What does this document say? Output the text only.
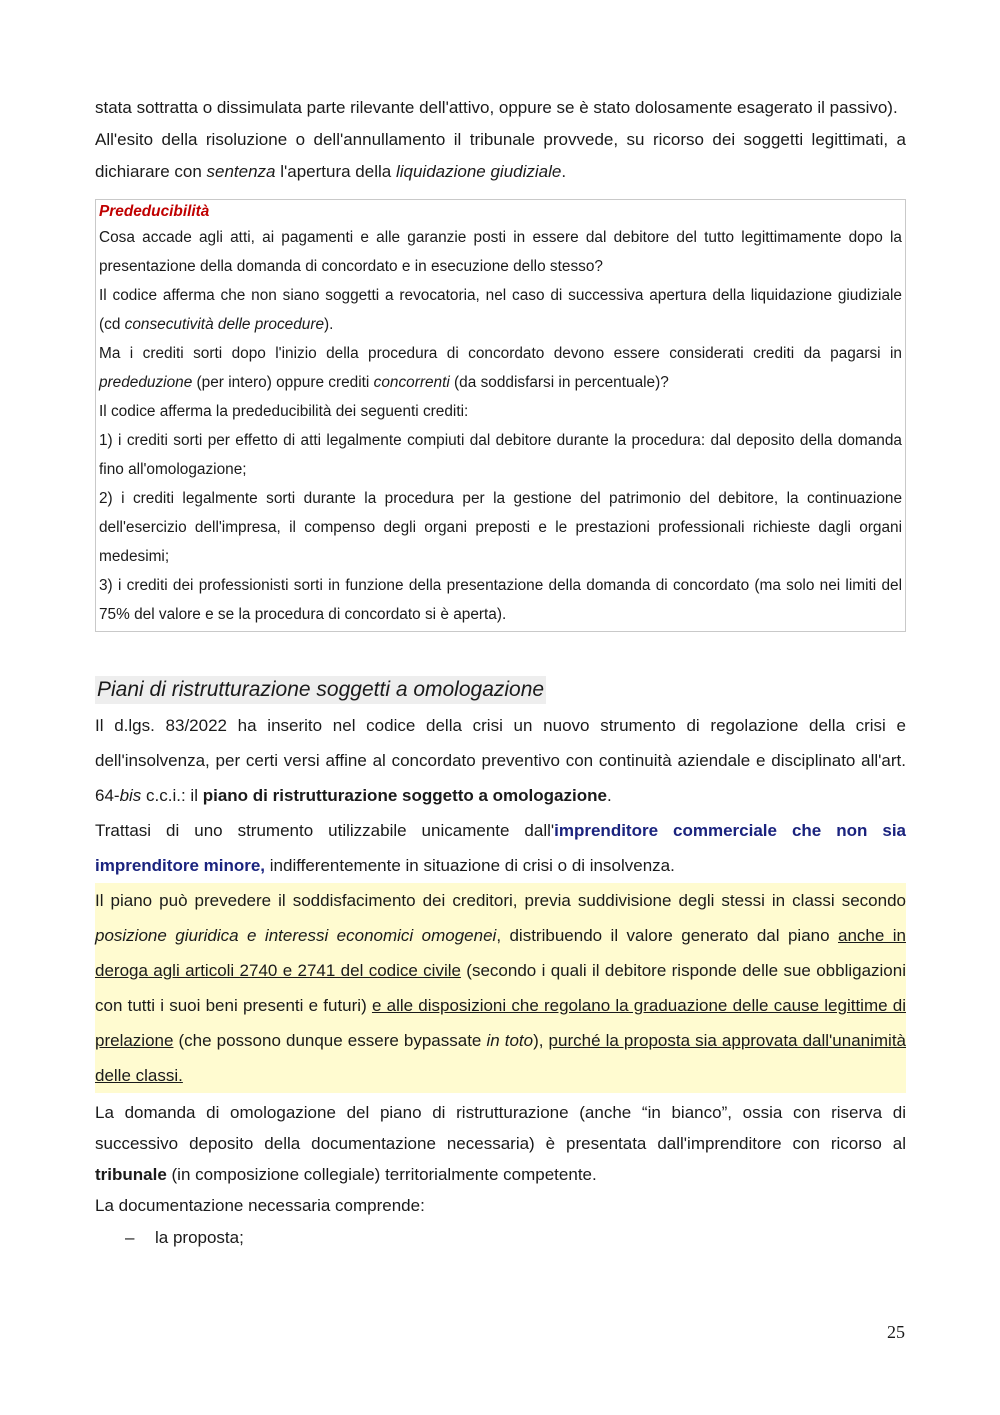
stata sottratta o dissimulata parte rilevante dell'attivo, oppure se è stato dolosamente esagerato il passivo).

All'esito della risoluzione o dell'annullamento il tribunale provvede, su ricorso dei soggetti legittimati, a dichiarare con sentenza l'apertura della liquidazione giudiziale.

Prededucibilità

Cosa accade agli atti, ai pagamenti e alle garanzie posti in essere dal debitore del tutto legittimamente dopo la presentazione della domanda di concordato e in esecuzione dello stesso?

Il codice afferma che non siano soggetti a revocatoria, nel caso di successiva apertura della liquidazione giudiziale (cd consecutività delle procedure).

Ma i crediti sorti dopo l'inizio della procedura di concordato devono essere considerati crediti da pagarsi in prededuzione (per intero) oppure crediti concorrenti (da soddisfarsi in percentuale)?

Il codice afferma la prededucibilità dei seguenti crediti:

1) i crediti sorti per effetto di atti legalmente compiuti dal debitore durante la procedura: dal deposito della domanda fino all'omologazione;

2) i crediti legalmente sorti durante la procedura per la gestione del patrimonio del debitore, la continuazione dell'esercizio dell'impresa, il compenso degli organi preposti e le prestazioni professionali richieste dagli organi medesimi;

3) i crediti dei professionisti sorti in funzione della presentazione della domanda di concordato (ma solo nei limiti del 75% del valore e se la procedura di concordato si è aperta).

Piani di ristrutturazione soggetti a omologazione

Il d.lgs. 83/2022 ha inserito nel codice della crisi un nuovo strumento di regolazione della crisi e dell'insolvenza, per certi versi affine al concordato preventivo con continuità aziendale e disciplinato all'art. 64-bis c.c.i.: il piano di ristrutturazione soggetto a omologazione.

Trattasi di uno strumento utilizzabile unicamente dall'imprenditore commerciale che non sia imprenditore minore, indifferentemente in situazione di crisi o di insolvenza.

Il piano può prevedere il soddisfacimento dei creditori, previa suddivisione degli stessi in classi secondo posizione giuridica e interessi economici omogenei, distribuendo il valore generato dal piano anche in deroga agli articoli 2740 e 2741 del codice civile (secondo i quali il debitore risponde delle sue obbligazioni con tutti i suoi beni presenti e futuri) e alle disposizioni che regolano la graduazione delle cause legittime di prelazione (che possono dunque essere bypassate in toto), purché la proposta sia approvata dall'unanimità delle classi.

La domanda di omologazione del piano di ristrutturazione (anche “in bianco”, ossia con riserva di successivo deposito della documentazione necessaria) è presentata dall'imprenditore con ricorso al tribunale (in composizione collegiale) territorialmente competente.

La documentazione necessaria comprende:

–	la proposta;
25
